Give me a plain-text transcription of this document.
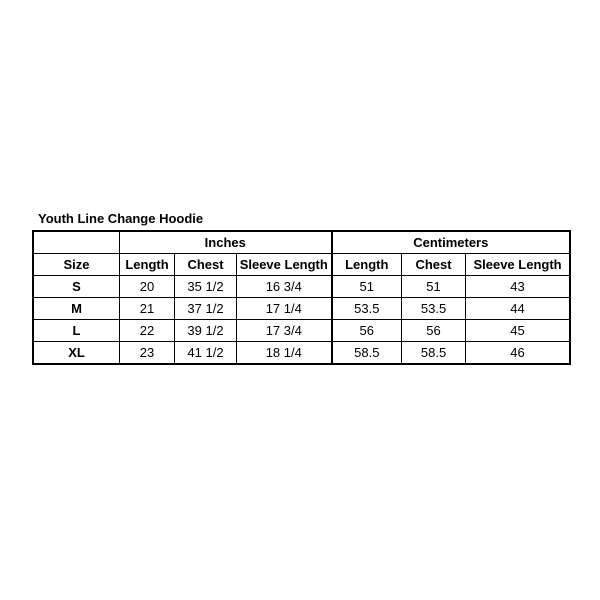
Youth Line Change Hoodie
	Inches			Centimeters		
Size	Length	Chest	Sleeve Length	Length	Chest	Sleeve Length
S	20	35 1/2	16 3/4	51	51	43
M	21	37 1/2	17 1/4	53.5	53.5	44
L	22	39 1/2	17 3/4	56	56	45
XL	23	41 1/2	18 1/4	58.5	58.5	46
